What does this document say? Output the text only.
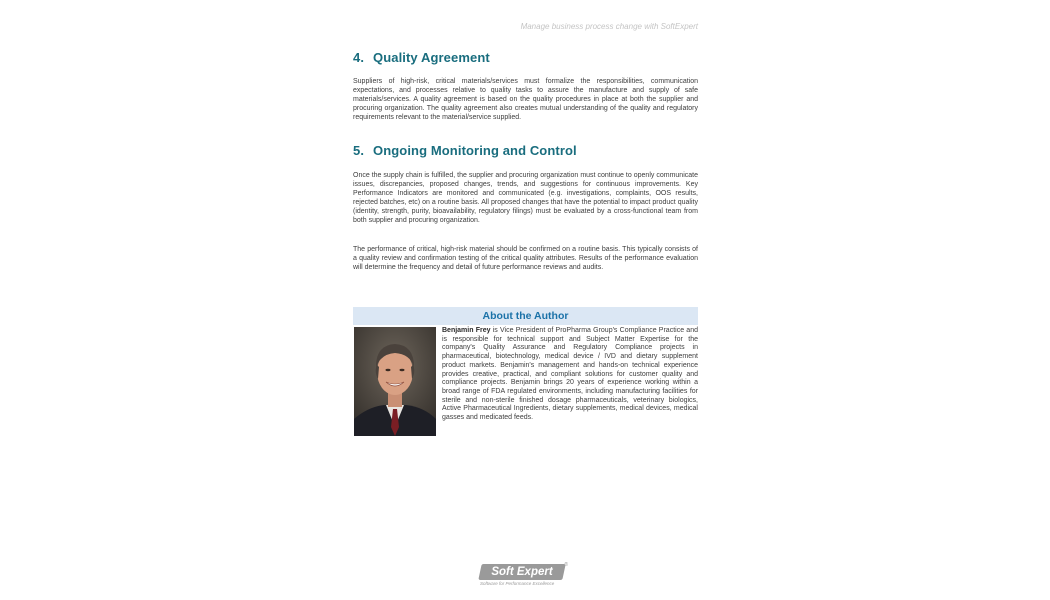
Manage business process change with SoftExpert
4. Quality Agreement

Suppliers of high-risk, critical materials/services must formalize the responsibilities, communication expectations, and processes relative to quality tasks to assure the manufacture and supply of safe materials/services. A quality agreement is based on the quality procedures in place at both the supplier and procuring organization. The quality agreement also creates mutual understanding of the quality and regulatory requirements relevant to the material/service supplied.

5. Ongoing Monitoring and Control

Once the supply chain is fulfilled, the supplier and procuring organization must continue to openly communicate issues, discrepancies, proposed changes, trends, and suggestions for continuous improvements. Key Performance Indicators are monitored and communicated (e.g. investigations, complaints, OOS results, rejected batches, etc) on a routine basis. All proposed changes that have the potential to impact product quality (identity, strength, purity, bioavailability, regulatory filings) must be evaluated by a cross-functional team from both supplier and procuring organization.

The performance of critical, high-risk material should be confirmed on a routine basis. This typically consists of a quality review and confirmation testing of the critical quality attributes. Results of the performance evaluation will determine the frequency and detail of future performance reviews and audits.

About the Author
Benjamin Frey is Vice President of ProPharma Group's Compliance Practice and is responsible for technical support and Subject Matter Expertise for the company's Quality Assurance and Regulatory Compliance projects in pharmaceutical, biotechnology, medical device / IVD and dietary supplement product markets. Benjamin's management and hands-on technical experience provides creative, practical, and compliant solutions for customer quality and compliance projects. Benjamin brings 20 years of experience working within a broad range of FDA regulated environments, including manufacturing facilities for sterile and non-sterile finished dosage pharmaceuticals, veterinary biologics, Active Pharmaceutical Ingredients, dietary supplements, medical devices, medical gasses and medicated feeds.
Soft Expert
®
Software for Performance Excellence
